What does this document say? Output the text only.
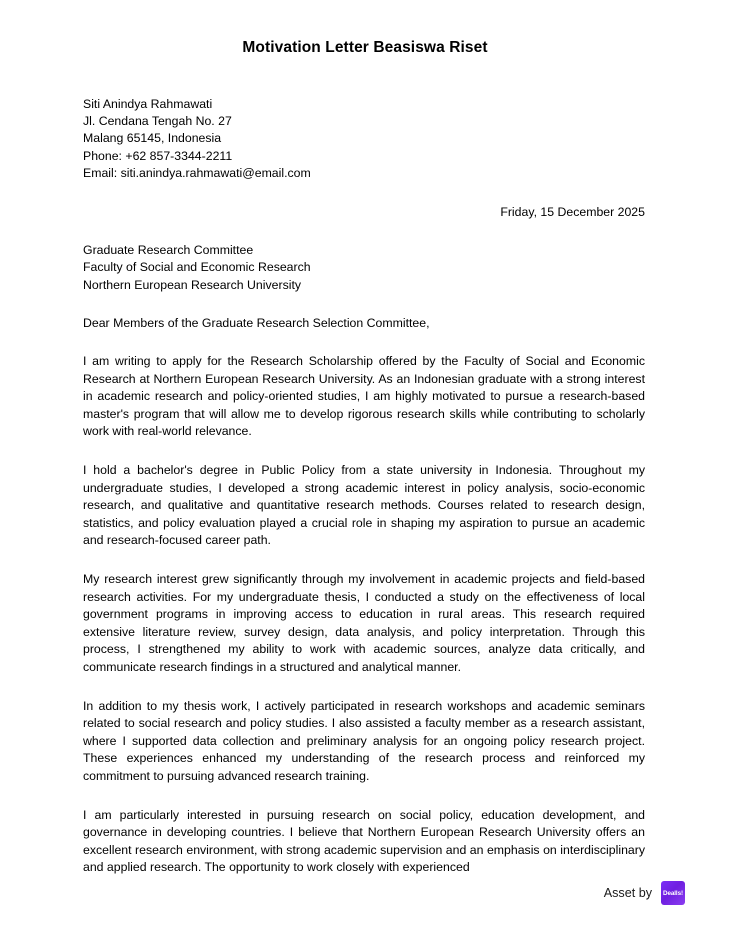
Motivation Letter Beasiswa Riset
Siti Anindya Rahmawati
Jl. Cendana Tengah No. 27
Malang 65145, Indonesia
Phone: +62 857-3344-2211
Email: siti.anindya.rahmawati@email.com
Friday, 15 December 2025
Graduate Research Committee
Faculty of Social and Economic Research
Northern European Research University
Dear Members of the Graduate Research Selection Committee,

I am writing to apply for the Research Scholarship offered by the Faculty of Social and Economic Research at Northern European Research University. As an Indonesian graduate with a strong interest in academic research and policy-oriented studies, I am highly motivated to pursue a research-based master's program that will allow me to develop rigorous research skills while contributing to scholarly work with real-world relevance.

I hold a bachelor's degree in Public Policy from a state university in Indonesia. Throughout my undergraduate studies, I developed a strong academic interest in policy analysis, socio-economic research, and qualitative and quantitative research methods. Courses related to research design, statistics, and policy evaluation played a crucial role in shaping my aspiration to pursue an academic and research-focused career path.

My research interest grew significantly through my involvement in academic projects and field-based research activities. For my undergraduate thesis, I conducted a study on the effectiveness of local government programs in improving access to education in rural areas. This research required extensive literature review, survey design, data analysis, and policy interpretation. Through this process, I strengthened my ability to work with academic sources, analyze data critically, and communicate research findings in a structured and analytical manner.

In addition to my thesis work, I actively participated in research workshops and academic seminars related to social research and policy studies. I also assisted a faculty member as a research assistant, where I supported data collection and preliminary analysis for an ongoing policy research project. These experiences enhanced my understanding of the research process and reinforced my commitment to pursuing advanced research training.

I am particularly interested in pursuing research on social policy, education development, and governance in developing countries. I believe that Northern European Research University offers an excellent research environment, with strong academic supervision and an emphasis on interdisciplinary and applied research. The opportunity to work closely with experienced

Asset by Dealls!
